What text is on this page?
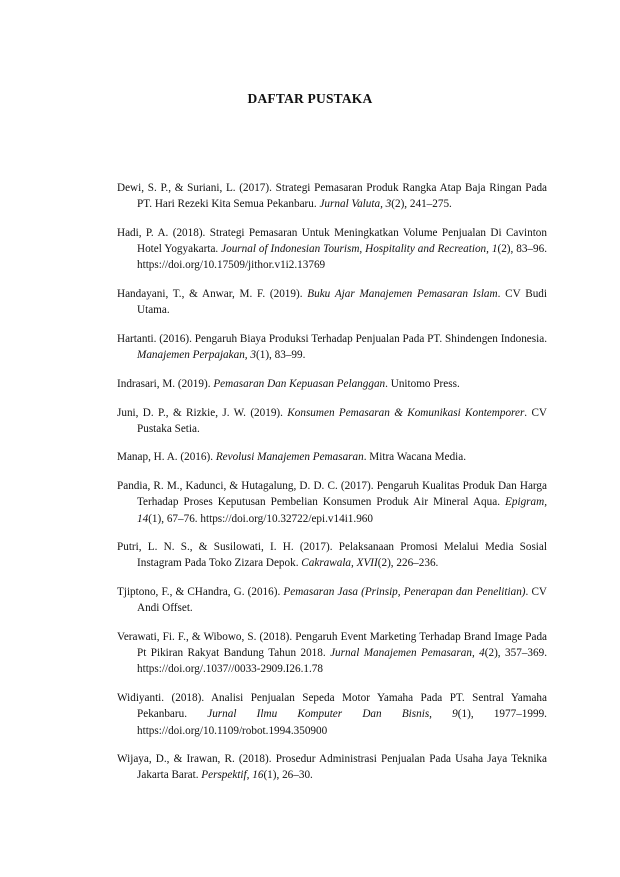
DAFTAR PUSTAKA
Dewi, S. P., & Suriani, L. (2017). Strategi Pemasaran Produk Rangka Atap Baja Ringan Pada PT. Hari Rezeki Kita Semua Pekanbaru. Jurnal Valuta, 3(2), 241–275.
Hadi, P. A. (2018). Strategi Pemasaran Untuk Meningkatkan Volume Penjualan Di Cavinton Hotel Yogyakarta. Journal of Indonesian Tourism, Hospitality and Recreation, 1(2), 83–96. https://doi.org/10.17509/jithor.v1i2.13769
Handayani, T., & Anwar, M. F. (2019). Buku Ajar Manajemen Pemasaran Islam. CV Budi Utama.
Hartanti. (2016). Pengaruh Biaya Produksi Terhadap Penjualan Pada PT. Shindengen Indonesia. Manajemen Perpajakan, 3(1), 83–99.
Indrasari, M. (2019). Pemasaran Dan Kepuasan Pelanggan. Unitomo Press.
Juni, D. P., & Rizkie, J. W. (2019). Konsumen Pemasaran & Komunikasi Kontemporer. CV Pustaka Setia.
Manap, H. A. (2016). Revolusi Manajemen Pemasaran. Mitra Wacana Media.
Pandia, R. M., Kadunci, & Hutagalung, D. D. C. (2017). Pengaruh Kualitas Produk Dan Harga Terhadap Proses Keputusan Pembelian Konsumen Produk Air Mineral Aqua. Epigram, 14(1), 67–76. https://doi.org/10.32722/epi.v14i1.960
Putri, L. N. S., & Susilowati, I. H. (2017). Pelaksanaan Promosi Melalui Media Sosial Instagram Pada Toko Zizara Depok. Cakrawala, XVII(2), 226–236.
Tjiptono, F., & CHandra, G. (2016). Pemasaran Jasa (Prinsip, Penerapan dan Penelitian). CV Andi Offset.
Verawati, Fi. F., & Wibowo, S. (2018). Pengaruh Event Marketing Terhadap Brand Image Pada Pt Pikiran Rakyat Bandung Tahun 2018. Jurnal Manajemen Pemasaran, 4(2), 357–369. https://doi.org/.1037//0033-2909.I26.1.78
Widiyanti. (2018). Analisi Penjualan Sepeda Motor Yamaha Pada PT. Sentral Yamaha Pekanbaru. Jurnal Ilmu Komputer Dan Bisnis, 9(1), 1977–1999. https://doi.org/10.1109/robot.1994.350900
Wijaya, D., & Irawan, R. (2018). Prosedur Administrasi Penjualan Pada Usaha Jaya Teknika Jakarta Barat. Perspektif, 16(1), 26–30.
